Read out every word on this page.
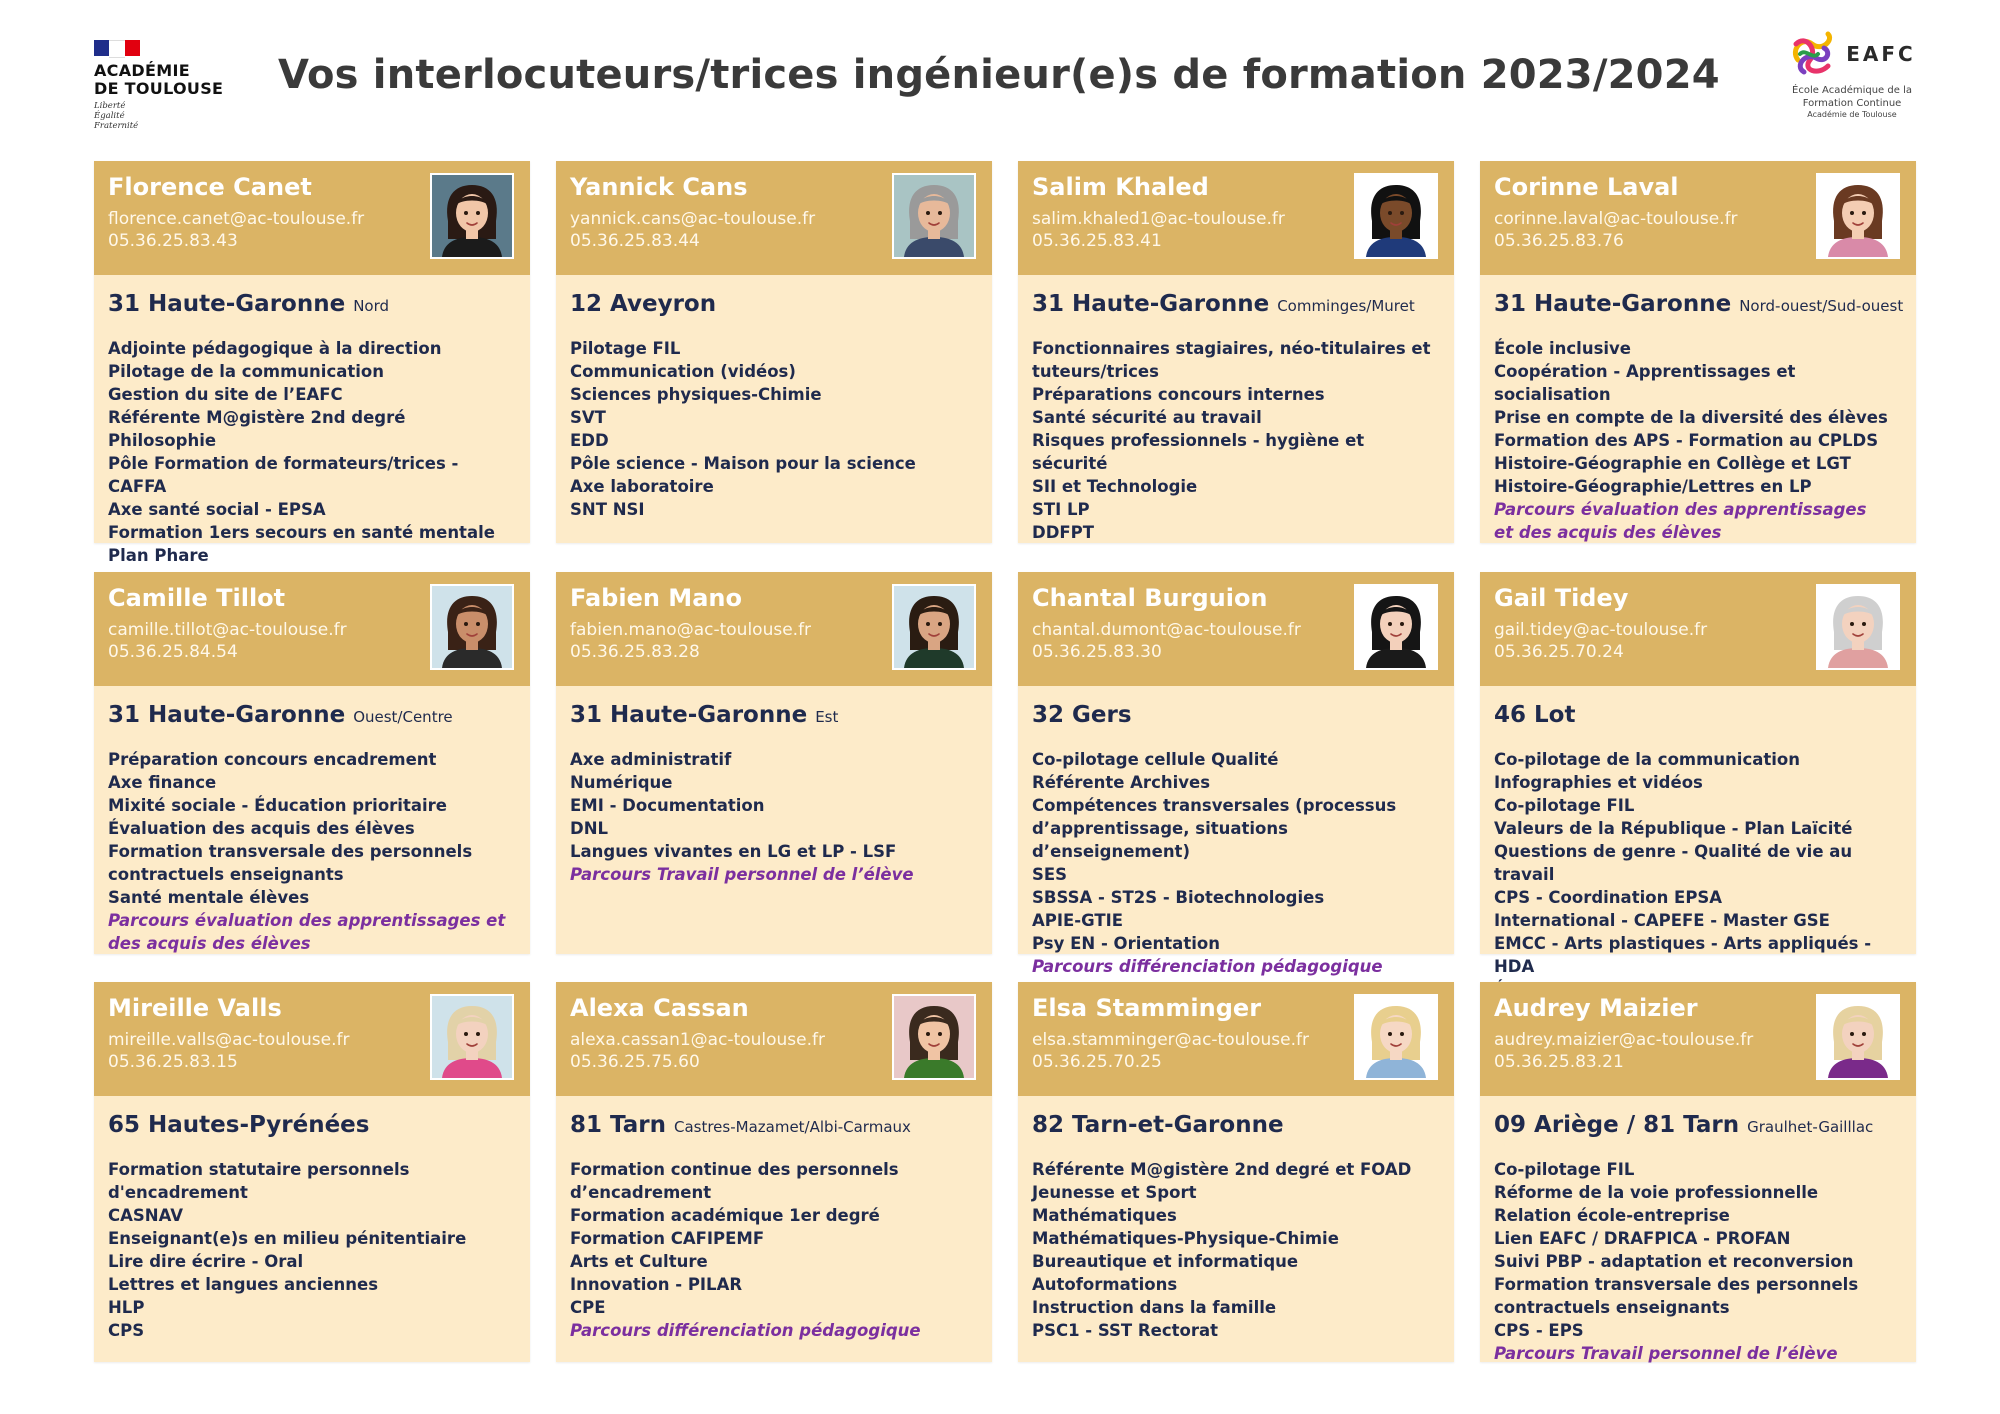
ACADÉMIE
DE TOULOUSE
Liberté
Égalité
Fraternité
Vos interlocuteurs/trices ingénieur(e)s de formation 2023/2024	EAFC
École Académique de la
Formation Continue
Académie de Toulouse
Florence Canet
florence.canet@ac-toulouse.fr
05.36.25.83.43
31 Haute-Garonne Nord
Adjointe pédagogique à la direction
Pilotage de la communication
Gestion du site de l’EAFC
Référente M@gistère 2nd degré
Philosophie
Pôle Formation de formateurs/trices - CAFFA
Axe santé social - EPSA
Formation 1ers secours en santé mentale
Plan Phare
Yannick Cans
yannick.cans@ac-toulouse.fr
05.36.25.83.44
12 Aveyron
Pilotage FIL
Communication (vidéos)
Sciences physiques-Chimie
SVT
EDD
Pôle science - Maison pour la science
Axe laboratoire
SNT NSI
Salim Khaled
salim.khaled1@ac-toulouse.fr
05.36.25.83.41
31 Haute-Garonne Comminges/Muret
Fonctionnaires stagiaires, néo-titulaires et
tuteurs/trices
Préparations concours internes
Santé sécurité au travail
Risques professionnels - hygiène et sécurité
SII et Technologie
STI LP
DDFPT
Corinne Laval
corinne.laval@ac-toulouse.fr
05.36.25.83.76
31 Haute-Garonne Nord-ouest/Sud-ouest
École inclusive
Coopération - Apprentissages et socialisation
Prise en compte de la diversité des élèves
Formation des APS - Formation au CPLDS
Histoire-Géographie en Collège et LGT
Histoire-Géographie/Lettres en LP
Parcours évaluation des apprentissages
et des acquis des élèves
Camille Tillot
camille.tillot@ac-toulouse.fr
05.36.25.84.54
31 Haute-Garonne Ouest/Centre
Préparation concours encadrement
Axe finance
Mixité sociale - Éducation prioritaire
Évaluation des acquis des élèves
Formation transversale des personnels
contractuels enseignants
Santé mentale élèves
Parcours évaluation des apprentissages et
des acquis des élèves
Fabien Mano
fabien.mano@ac-toulouse.fr
05.36.25.83.28
31 Haute-Garonne Est
Axe administratif
Numérique
EMI - Documentation
DNL
Langues vivantes en LG et LP - LSF
Parcours Travail personnel de l’élève
Chantal Burguion
chantal.dumont@ac-toulouse.fr
05.36.25.83.30
32 Gers
Co-pilotage cellule Qualité
Référente Archives
Compétences transversales (processus
d’apprentissage, situations d’enseignement)
SES
SBSSA - ST2S - Biotechnologies
APIE-GTIE
Psy EN - Orientation
Parcours différenciation pédagogique
Gail Tidey
gail.tidey@ac-toulouse.fr
05.36.25.70.24
46 Lot
Co-pilotage de la communication
Infographies et vidéos
Co-pilotage FIL
Valeurs de la République - Plan Laïcité
Questions de genre - Qualité de vie au travail
CPS - Coordination EPSA
International - CAPEFE - Master GSE
EMCC - Arts plastiques - Arts appliqués - HDA
Mireille Valls
mireille.valls@ac-toulouse.fr
05.36.25.83.15
65 Hautes-Pyrénées
Formation statutaire personnels
d'encadrement
CASNAV
Enseignant(e)s en milieu pénitentiaire
Lire dire écrire - Oral
Lettres et langues anciennes
HLP
CPS
Alexa Cassan
alexa.cassan1@ac-toulouse.fr
05.36.25.75.60
81 Tarn Castres-Mazamet/Albi-Carmaux
Formation continue des personnels
d’encadrement
Formation académique 1er degré
Formation CAFIPEMF
Arts et Culture
Innovation - PILAR
CPE
Parcours différenciation pédagogique
Elsa Stamminger
elsa.stamminger@ac-toulouse.fr
05.36.25.70.25
82 Tarn-et-Garonne
Référente M@gistère 2nd degré et FOAD
Jeunesse et Sport
Mathématiques
Mathématiques-Physique-Chimie
Bureautique et informatique
Autoformations
Instruction dans la famille
PSC1 - SST Rectorat
Audrey Maizier
audrey.maizier@ac-toulouse.fr
05.36.25.83.21
09 Ariège / 81 Tarn Graulhet-Gailllac
Co-pilotage FIL
Réforme de la voie professionnelle
Relation école-entreprise
Lien EAFC / DRAFPICA - PROFAN
Suivi PBP - adaptation et reconversion
Formation transversale des personnels
contractuels enseignants
CPS - EPS
Parcours Travail personnel de l’élève
